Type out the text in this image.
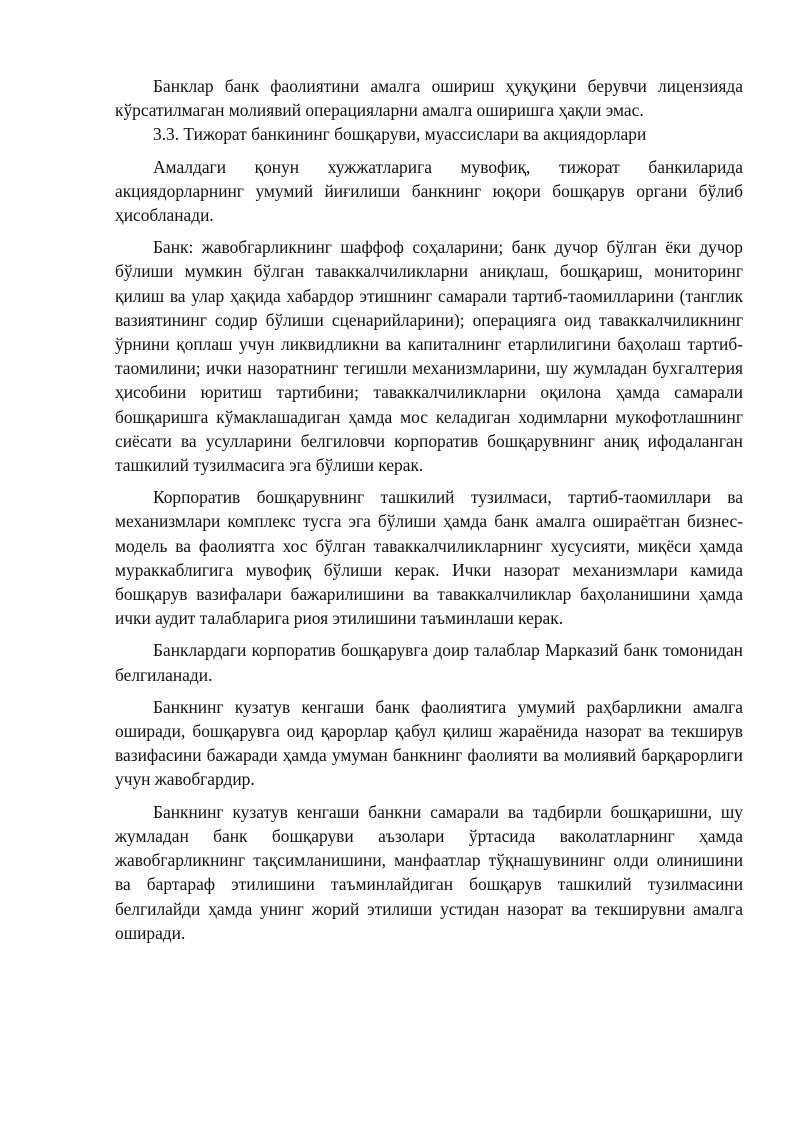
Банклар банк фаолиятини амалга ошириш ҳуқуқини берувчи лицензияда кўрсатилмаган молиявий операцияларни амалга оширишга ҳақли эмас.

3.3. Тижорат банкининг бошқаруви, муассислари ва акциядорлари

Амалдаги қонун хужжатларига мувофиқ, тижорат банкиларида акциядорларнинг умумий йиғилиши банкнинг юқори бошқарув органи бўлиб ҳисобланади.

Банк: жавобгарликнинг шаффоф соҳаларини; банк дучор бўлган ёки дучор бўлиши мумкин бўлган таваккалчиликларни аниқлаш, бошқариш, мониторинг қилиш ва улар ҳақида хабардор этишнинг самарали тартиб-таомилларини (танглик вазиятининг содир бўлиши сценарийларини); операцияга оид таваккалчиликнинг ўрнини қоплаш учун ликвидликни ва капиталнинг етарлилигини баҳолаш тартиб-таомилини; ички назоратнинг тегишли механизмларини, шу жумладан бухгалтерия ҳисобини юритиш тартибини; таваккалчиликларни оқилона ҳамда самарали бошқаришга кўмаклашадиган ҳамда мос келадиган ходимларни мукофотлашнинг сиёсати ва усулларини белгиловчи корпоратив бошқарувнинг аниқ ифодаланган ташкилий тузилмасига эга бўлиши керак.

Корпоратив бошқарувнинг ташкилий тузилмаси, тартиб-таомиллари ва механизмлари комплекс тусга эга бўлиши ҳамда банк амалга ошираётган бизнес-модель ва фаолиятга хос бўлган таваккалчиликларнинг хусусияти, миқёси ҳамда мураккаблигига мувофиқ бўлиши керак. Ички назорат механизмлари камида бошқарув вазифалари бажарилишини ва таваккалчиликлар баҳоланишини ҳамда ички аудит талабларига риоя этилишини таъминлаши керак.

Банклардаги корпоратив бошқарувга доир талаблар Марказий банк томонидан белгиланади.

Банкнинг кузатув кенгаши банк фаолиятига умумий раҳбарликни амалга оширади, бошқарувга оид қарорлар қабул қилиш жараёнида назорат ва текширув вазифасини бажаради ҳамда умуман банкнинг фаолияти ва молиявий барқарорлиги учун жавобгардир.

Банкнинг кузатув кенгаши банкни самарали ва тадбирли бошқаришни, шу жумладан банк бошқаруви аъзолари ўртасида ваколатларнинг ҳамда жавобгарликнинг тақсимланишини, манфаатлар тўқнашувининг олди олинишини ва бартараф этилишини таъминлайдиган бошқарув ташкилий тузилмасини белгилайди ҳамда унинг жорий этилиши устидан назорат ва текширувни амалга оширади.
